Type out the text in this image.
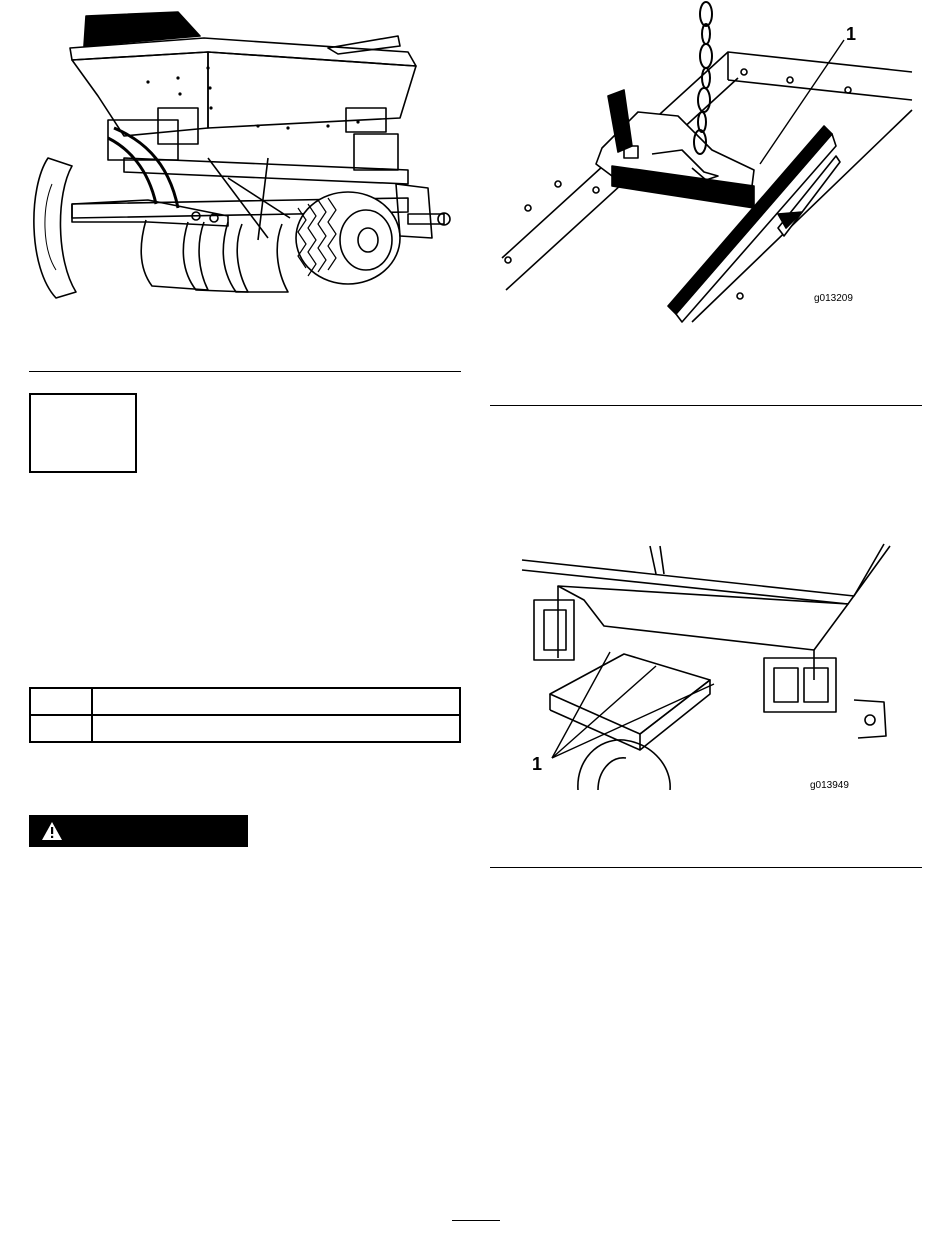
1
g013209
1
g013949
